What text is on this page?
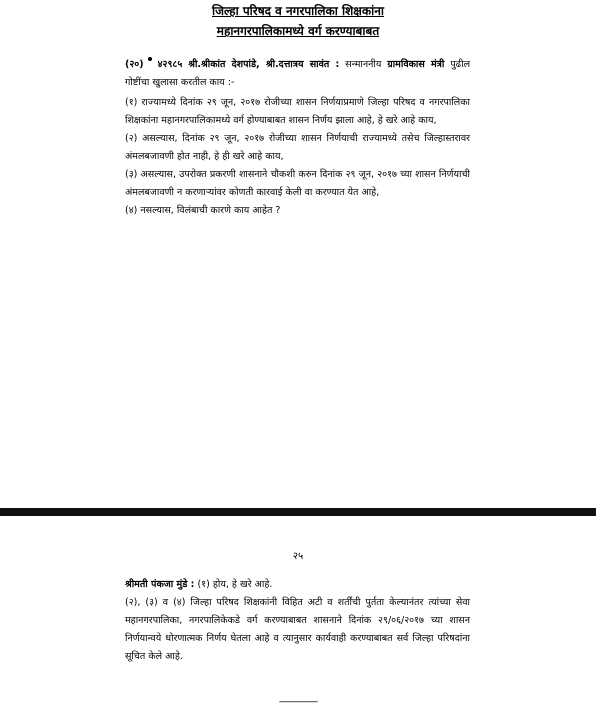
जिल्हा परिषद व नगरपालिका शिक्षकांना
महानगरपालिकामध्ये वर्ग करण्याबाबत
(२०) ४२९८५ श्री.श्रीकांत देशपांडे, श्री.दत्तात्रय सावंत : सन्माननीय ग्रामविकास मंत्री पुढील गोष्टींचा खुलासा करतील काय :-

(१) राज्यामध्ये दिनांक २९ जून, २०१७ रोजीच्या शासन निर्णयाप्रमाणे जिल्हा परिषद व नगरपालिका शिक्षकांना महानगरपालिकामध्ये वर्ग होण्याबाबत शासन निर्णय झाला आहे, हे खरे आहे काय,

(२) असल्यास, दिनांक २९ जून, २०१७ रोजीच्या शासन निर्णयाची राज्यामध्ये तसेच जिल्हास्तरावर अंमलबजावणी होत नाही, हे ही खरे आहे काय,

(३) असल्यास, उपरोक्त प्रकरणी शासनाने चौकशी करुन दिनांक २९ जून, २०१७ च्या शासन निर्णयाची अंमलबजावणी न करणाऱ्यांवर कोणती कारवाई केली वा करण्यात येत आहे,

(४) नसल्यास, विलंबाची कारणे काय आहेत ?

२५

श्रीमती पंकजा मुंडे : (१) होय, हे खरे आहे.

(२), (३) व (४) जिल्हा परिषद शिक्षकांनी विहित अटी व शर्तींची पुर्तता केल्यानंतर त्यांच्या सेवा महानगरपालिका, नगरपालिकेकडे वर्ग करण्याबाबत शासनाने दिनांक २९/०६/२०१७ च्या शासन निर्णयान्वये धोरणात्मक निर्णय घेतला आहे व त्यानुसार कार्यवाही करण्याबाबत सर्व जिल्हा परिषदांना सूचित केले आहे.

-----------------
